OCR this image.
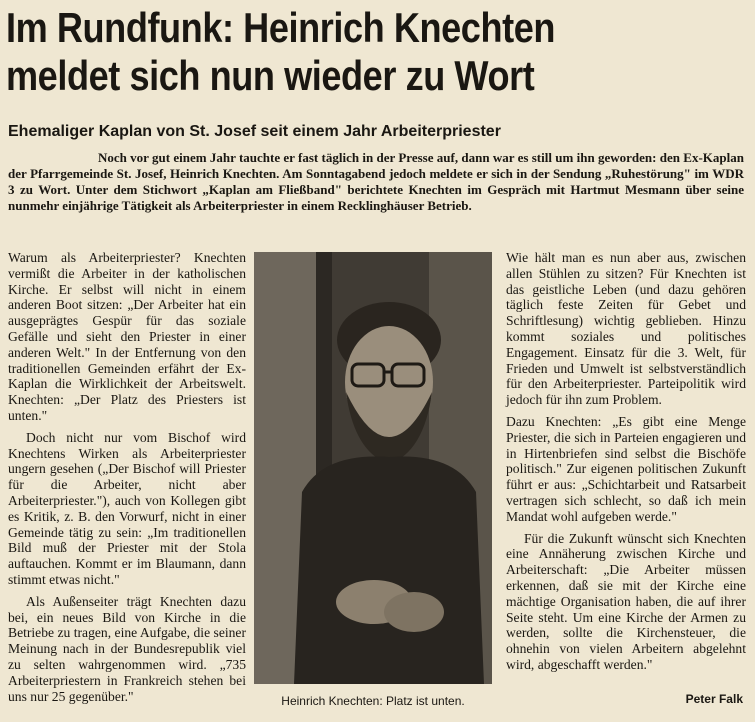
Im Rundfunk: Heinrich Knechten
meldet sich nun wieder zu Wort
Ehemaliger Kaplan von St. Josef seit einem Jahr Arbeiterpriester
Noch vor gut einem Jahr tauchte er fast täglich in der Presse auf, dann war es still um ihn geworden: den Ex-Kaplan der Pfarrgemeinde St. Josef, Heinrich Knechten. Am Sonntagabend jedoch meldete er sich in der Sendung „Ruhestörung" im WDR 3 zu Wort. Unter dem Stichwort „Kaplan am Fließband" berichtete Knechten im Gespräch mit Hartmut Mesmann über seine nunmehr einjährige Tätigkeit als Arbeiterpriester in einem Recklinghäuser Betrieb.

Warum als Arbeiterpriester? Knechten vermißt die Arbeiter in der katholischen Kirche. Er selbst will nicht in einem anderen Boot sitzen: „Der Arbeiter hat ein ausgeprägtes Gespür für das soziale Gefälle und sieht den Priester in einer anderen Welt." In der Entfernung von den traditionellen Gemeinden erfährt der Ex-Kaplan die Wirklichkeit der Arbeitswelt. Knechten: „Der Platz des Priesters ist unten."

Doch nicht nur vom Bischof wird Knechtens Wirken als Arbeiterpriester ungern gesehen („Der Bischof will Priester für die Arbeiter, nicht aber Arbeiterpriester."), auch von Kollegen gibt es Kritik, z. B. den Vorwurf, nicht in einer Gemeinde tätig zu sein: „Im traditionellen Bild muß der Priester mit der Stola auftauchen. Kommt er im Blaumann, dann stimmt etwas nicht."

Als Außenseiter trägt Knechten dazu bei, ein neues Bild von Kirche in die Betriebe zu tragen, eine Aufgabe, die seiner Meinung nach in der Bundesrepublik viel zu selten wahrgenommen wird. „735 Arbeiterpriestern in Frankreich stehen bei uns nur 25 gegenüber."	Heinrich Knechten: Platz ist unten.

Wie hält man es nun aber aus, zwischen allen Stühlen zu sitzen? Für Knechten ist das geistliche Leben (und dazu gehören täglich feste Zeiten für Gebet und Schriftlesung) wichtig geblieben. Hinzu kommt soziales und politisches Engagement. Einsatz für die 3. Welt, für Frieden und Umwelt ist selbstverständlich für den Arbeiterpriester. Parteipolitik wird jedoch für ihn zum Problem.

Dazu Knechten: „Es gibt eine Menge Priester, die sich in Parteien engagieren und in Hirtenbriefen sind selbst die Bischöfe politisch." Zur eigenen politischen Zukunft führt er aus: „Schichtarbeit und Ratsarbeit vertragen sich schlecht, so daß ich mein Mandat wohl aufgeben werde."

Für die Zukunft wünscht sich Knechten eine Annäherung zwischen Kirche und Arbeiterschaft: „Die Arbeiter müssen erkennen, daß sie mit der Kirche eine mächtige Organisation haben, die auf ihrer Seite steht. Um eine Kirche der Armen zu werden, sollte die Kirchensteuer, die ohnehin von vielen Arbeitern abgelehnt wird, abgeschafft werden."

Peter Falk
